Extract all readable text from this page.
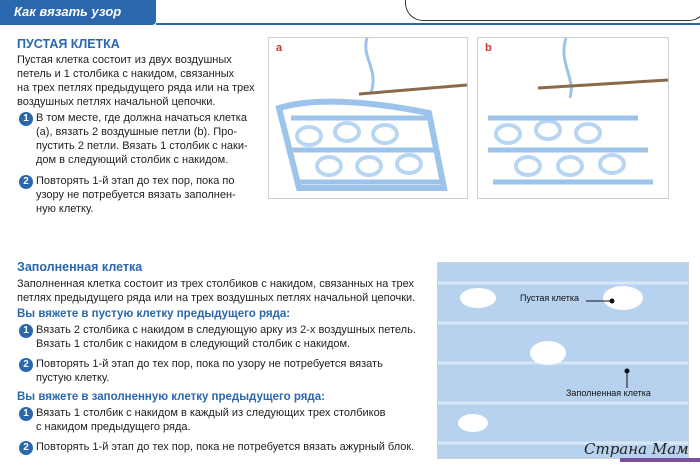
Как вязать узор
ПУСТАЯ КЛЕТКА
Пустая клетка состоит из двух воздушных
петель и 1 столбика с накидом, связанных
на трех петлях предыдущего ряда или на трех
воздушных петлях начальной цепочки.
1 В том месте, где должна начаться клетка
(a), вязать 2 воздушные петли (b). Про-
пустить 2 петли. Вязать 1 столбик с наки-
дом в следующий столбик с накидом.
2 Повторять 1-й этап до тех пор, пока по
узору не потребуется вязать заполнен-
ную клетку.
a	b
Заполненная клетка
Заполненная клетка состоит из трех столбиков с накидом, связанных на трех
петлях предыдущего ряда или на трех воздушных петлях начальной цепочки.
Вы вяжете в пустую клетку предыдущего ряда:
1 Вязать 2 столбика с накидом в следующую арку из 2-х воздушных петель.
Вязать 1 столбик с накидом в следующий столбик с накидом.
2 Повторять 1-й этап до тех пор, пока по узору не потребуется вязать
пустую клетку.
Вы вяжете в заполненную клетку предыдущего ряда:
1 Вязать 1 столбик с накидом в каждый из следующих трех столбиков
с накидом предыдущего ряда.
2 Повторять 1-й этап до тех пор, пока не потребуется вязать ажурный блок.
Пустая клетка
Заполненная клетка
Страна Мам
